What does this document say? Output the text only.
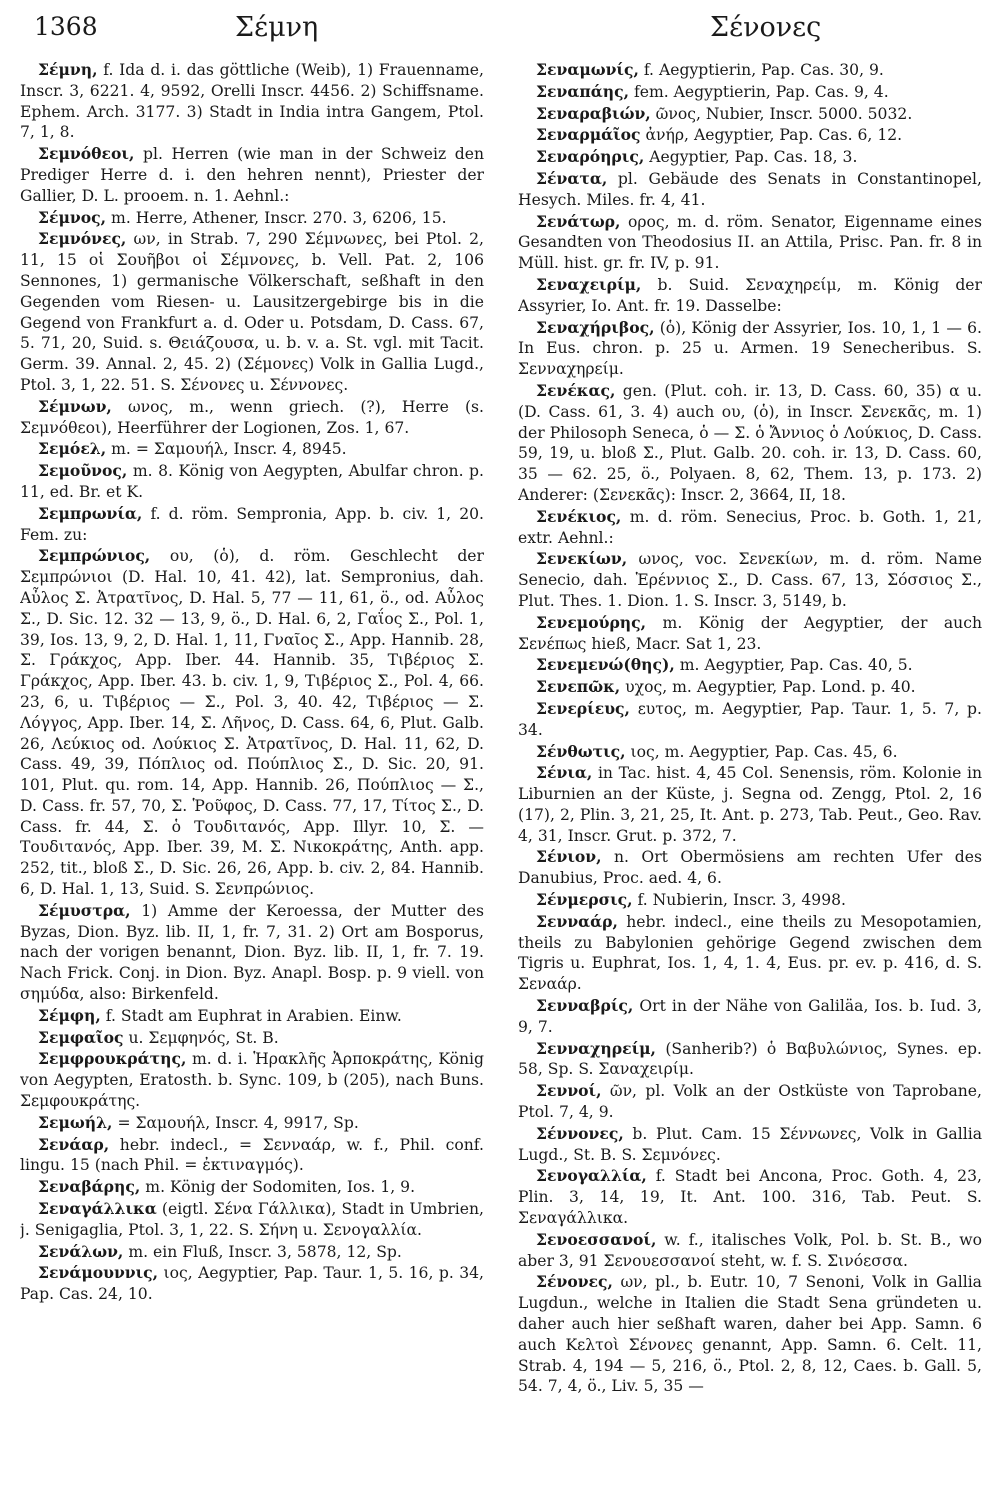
1368	Σέμνη	Σένονες

Σέμνη, f. Ida d. i. das göttliche (Weib), 1) Frauenname, Inscr. 3, 6221. 4, 9592, Orelli Inscr. 4456. 2) Schiffsname. Ephem. Arch. 3177. 3) Stadt in India intra Gangem, Ptol. 7, 1, 8.

Σεμνόθεοι, pl. Herren (wie man in der Schweiz den Prediger Herre d. i. den hehren nennt), Priester der Gallier, D. L. prooem. n. 1. Aehnl.:

Σέμνος, m. Herre, Athener, Inscr. 270. 3, 6206, 15.

Σεμνόνες, ων, in Strab. 7, 290 Σέμνωνες, bei Ptol. 2, 11, 15 οἱ Σουῆβοι οἱ Σέμνονες, b. Vell. Pat. 2, 106 Sennones, 1) germanische Völkerschaft, seßhaft in den Gegenden vom Riesen- u. Lausitzergebirge bis in die Gegend von Frankfurt a. d. Oder u. Potsdam, D. Cass. 67, 5. 71, 20, Suid. s. Θειάζουσα, u. b. v. a. St. vgl. mit Tacit. Germ. 39. Annal. 2, 45. 2) (Σέμονες) Volk in Gallia Lugd., Ptol. 3, 1, 22. 51. S. Σένονες u. Σέννονες.

Σέμνων, ωνος, m., wenn griech. (?), Herre (s. Σεμνόθεοι), Heerführer der Logionen, Zos. 1, 67.

Σεμόελ, m. = Σαμουήλ, Inscr. 4, 8945.

Σεμοῦνος, m. 8. König von Aegypten, Abulfar chron. p. 11, ed. Br. et K.

Σεμπρωνία, f. d. röm. Sempronia, App. b. civ. 1, 20. Fem. zu:

Σεμπρώνιος, ου, (ὁ), d. röm. Geschlecht der Σεμπρώνιοι (D. Hal. 10, 41. 42), lat. Sempronius, dah. Αὖλος Σ. Ἀτρατῖνος, D. Hal. 5, 77 — 11, 61, ö., od. Αὖλος Σ., D. Sic. 12. 32 — 13, 9, ö., D. Hal. 6, 2, Γαΐος Σ., Pol. 1, 39, Ios. 13, 9, 2, D. Hal. 1, 11, Γναῖος Σ., App. Hannib. 28, Σ. Γράκχος, App. Iber. 44. Hannib. 35, Τιβέριος Σ. Γράκχος, App. Iber. 43. b. civ. 1, 9, Τιβέριος Σ., Pol. 4, 66. 23, 6, u. Τιβέριος — Σ., Pol. 3, 40. 42, Τιβέριος — Σ. Λόγγος, App. Iber. 14, Σ. Λῆνος, D. Cass. 64, 6, Plut. Galb. 26, Λεύκιος od. Λούκιος Σ. Ἀτρατῖνος, D. Hal. 11, 62, D. Cass. 49, 39, Πόπλιος od. Πούπλιος Σ., D. Sic. 20, 91. 101, Plut. qu. rom. 14, App. Hannib. 26, Πούπλιος — Σ., D. Cass. fr. 57, 70, Σ. Ῥοῦφος, D. Cass. 77, 17, Τίτος Σ., D. Cass. fr. 44, Σ. ὁ Τουδιτανός, App. Illyr. 10, Σ. — Τουδιτανός, App. Iber. 39, Μ. Σ. Νικοκράτης, Anth. app. 252, tit., bloß Σ., D. Sic. 26, 26, App. b. civ. 2, 84. Hannib. 6, D. Hal. 1, 13, Suid. S. Σενπρώνιος.

Σέμυστρα, 1) Amme der Keroessa, der Mutter des Byzas, Dion. Byz. lib. II, 1, fr. 7, 31. 2) Ort am Bosporus, nach der vorigen benannt, Dion. Byz. lib. II, 1, fr. 7. 19. Nach Frick. Conj. in Dion. Byz. Anapl. Bosp. p. 9 viell. von σημύδα, also: Birkenfeld.

Σέμφη, f. Stadt am Euphrat in Arabien. Einw.

Σεμφαῖος u. Σεμφηνός, St. B.

Σεμφρουκράτης, m. d. i. Ἡρακλῆς Ἀρποκράτης, König von Aegypten, Eratosth. b. Sync. 109, b (205), nach Buns. Σεμφουκράτης.

Σεμωήλ, = Σαμουήλ, Inscr. 4, 9917, Sp.

Σενάαρ, hebr. indecl., = Σενναάρ, w. f., Phil. conf. lingu. 15 (nach Phil. = ἐκτιναγμός).

Σεναβάρης, m. König der Sodomiten, Ios. 1, 9.

Σεναγάλλικα (eigtl. Σένα Γάλλικα), Stadt in Umbrien, j. Senigaglia, Ptol. 3, 1, 22. S. Σήνη u. Σενογαλλία.

Σενάλων, m. ein Fluß, Inscr. 3, 5878, 12, Sp.

Σενάμουννις, ιος, Aegyptier, Pap. Taur. 1, 5. 16, p. 34, Pap. Cas. 24, 10.

Σεναμωνίς, f. Aegyptierin, Pap. Cas. 30, 9.

Σεναπάης, fem. Aegyptierin, Pap. Cas. 9, 4.

Σεναραβιών, ῶνος, Nubier, Inscr. 5000. 5032.

Σεναρμάῖος ἀνήρ, Aegyptier, Pap. Cas. 6, 12.

Σεναρόηρις, Aegyptier, Pap. Cas. 18, 3.

Σένατα, pl. Gebäude des Senats in Constantinopel, Hesych. Miles. fr. 4, 41.

Σενάτωρ, ορος, m. d. röm. Senator, Eigenname eines Gesandten von Theodosius II. an Attila, Prisc. Pan. fr. 8 in Müll. hist. gr. fr. IV, p. 91.

Σεναχειρίμ, b. Suid. Σεναχηρείμ, m. König der Assyrier, Io. Ant. fr. 19. Dasselbe:

Σεναχήριβος, (ὁ), König der Assyrier, Ios. 10, 1, 1 — 6. In Eus. chron. p. 25 u. Armen. 19 Senecheribus. S. Σενναχηρείμ.

Σενέκας, gen. (Plut. coh. ir. 13, D. Cass. 60, 35) α u. (D. Cass. 61, 3. 4) auch ου, (ὁ), in Inscr. Σενεκᾶς, m. 1) der Philosoph Seneca, ὁ — Σ. ὁ Ἄννιος ὁ Λούκιος, D. Cass. 59, 19, u. bloß Σ., Plut. Galb. 20. coh. ir. 13, D. Cass. 60, 35 — 62. 25, ö., Polyaen. 8, 62, Them. 13, p. 173. 2) Anderer: (Σενεκᾶς): Inscr. 2, 3664, II, 18.

Σενέκιος, m. d. röm. Senecius, Proc. b. Goth. 1, 21, extr. Aehnl.:

Σενεκίων, ωνος, voc. Σενεκίων, m. d. röm. Name Senecio, dah. Ἑρέννιος Σ., D. Cass. 67, 13, Σόσσιος Σ., Plut. Thes. 1. Dion. 1. S. Inscr. 3, 5149, b.

Σενεμούρης, m. König der Aegyptier, der auch Σενέπως hieß, Macr. Sat 1, 23.

Σενεμενώ(θης), m. Aegyptier, Pap. Cas. 40, 5.

Σενεπῶκ, υχος, m. Aegyptier, Pap. Lond. p. 40.

Σενερίευς, ευτος, m. Aegyptier, Pap. Taur. 1, 5. 7, p. 34.

Σένθωτις, ιος, m. Aegyptier, Pap. Cas. 45, 6.

Σένια, in Tac. hist. 4, 45 Col. Senensis, röm. Kolonie in Liburnien an der Küste, j. Segna od. Zengg, Ptol. 2, 16 (17), 2, Plin. 3, 21, 25, It. Ant. p. 273, Tab. Peut., Geo. Rav. 4, 31, Inscr. Grut. p. 372, 7.

Σένιον, n. Ort Obermösiens am rechten Ufer des Danubius, Proc. aed. 4, 6.

Σένμερσις, f. Nubierin, Inscr. 3, 4998.

Σενναάρ, hebr. indecl., eine theils zu Mesopotamien, theils zu Babylonien gehörige Gegend zwischen dem Tigris u. Euphrat, Ios. 1, 4, 1. 4, Eus. pr. ev. p. 416, d. S. Σεναάρ.

Σενναβρίς, Ort in der Nähe von Galiläa, Ios. b. Iud. 3, 9, 7.

Σενναχηρείμ, (Sanherib?) ὁ Βαβυλώνιος, Synes. ep. 58, Sp. S. Σαναχειρίμ.

Σεννοί, ῶν, pl. Volk an der Ostküste von Taprobane, Ptol. 7, 4, 9.

Σέννονες, b. Plut. Cam. 15 Σέννωνες, Volk in Gallia Lugd., St. B. S. Σεμνόνες.

Σενογαλλία, f. Stadt bei Ancona, Proc. Goth. 4, 23, Plin. 3, 14, 19, It. Ant. 100. 316, Tab. Peut. S. Σεναγάλλικα.

Σενοεσσανοί, w. f., italisches Volk, Pol. b. St. B., wo aber 3, 91 Σενουεσσανοί steht, w. f. S. Σινόεσσα.

Σένονες, ων, pl., b. Eutr. 10, 7 Senoni, Volk in Gallia Lugdun., welche in Italien die Stadt Sena gründeten u. daher auch hier seßhaft waren, daher bei App. Samn. 6 auch Κελτοὶ Σένονες genannt, App. Samn. 6. Celt. 11, Strab. 4, 194 — 5, 216, ö., Ptol. 2, 8, 12, Caes. b. Gall. 5, 54. 7, 4, ö., Liv. 5, 35 —
